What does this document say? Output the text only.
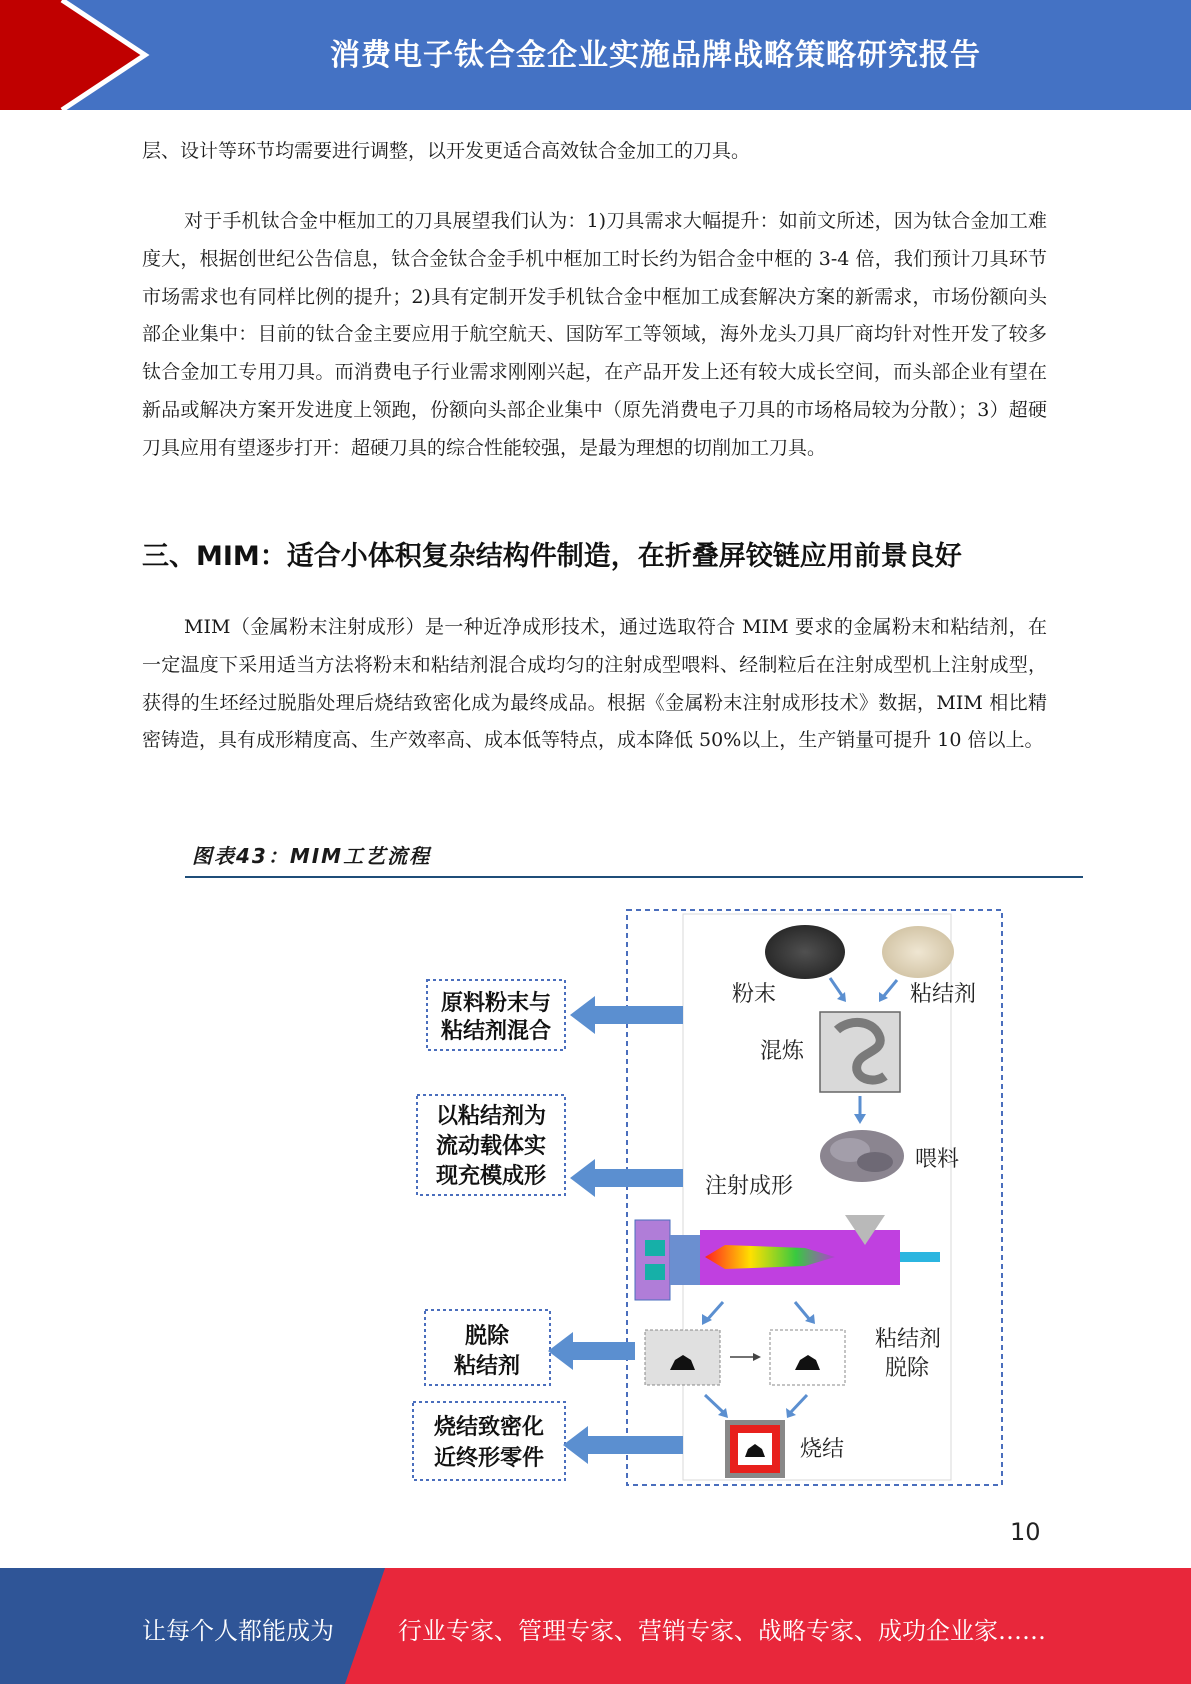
消费电子钛合金企业实施品牌战略策略研究报告

层、设计等环节均需要进行调整，以开发更适合高效钛合金加工的刀具。

对于手机钛合金中框加工的刀具展望我们认为：1)刀具需求大幅提升：如前文所述，因为钛合金加工难度大，根据创世纪公告信息，钛合金钛合金手机中框加工时长约为铝合金中框的 3-4 倍，我们预计刀具环节市场需求也有同样比例的提升；2)具有定制开发手机钛合金中框加工成套解决方案的新需求，市场份额向头部企业集中：目前的钛合金主要应用于航空航天、国防军工等领域，海外龙头刀具厂商均针对性开发了较多钛合金加工专用刀具。而消费电子行业需求刚刚兴起，在产品开发上还有较大成长空间，而头部企业有望在新品或解决方案开发进度上领跑，份额向头部企业集中（原先消费电子刀具的市场格局较为分散）；3）超硬刀具应用有望逐步打开：超硬刀具的综合性能较强，是最为理想的切削加工刀具。

三、MIM：适合小体积复杂结构件制造，在折叠屏铰链应用前景良好

MIM（金属粉末注射成形）是一种近净成形技术，通过选取符合 MIM 要求的金属粉末和粘结剂，在一定温度下采用适当方法将粉末和粘结剂混合成均匀的注射成型喂料、经制粒后在注射成型机上注射成型，获得的生坯经过脱脂处理后烧结致密化成为最终成品。根据《金属粉末注射成形技术》数据，MIM 相比精密铸造，具有成形精度高、生产效率高、成本低等特点，成本降低 50%以上，生产销量可提升 10 倍以上。

图表43：MIM工艺流程
粉末	粘结剂
混炼
喂料
注射成形
粘结剂
脱除
烧结
原料粉末与
粘结剂混合
以粘结剂为
流动载体实
现充模成形
脱除
粘结剂
烧结致密化
近终形零件
10
让每个人都能成为	行业专家、管理专家、营销专家、战略专家、成功企业家……
